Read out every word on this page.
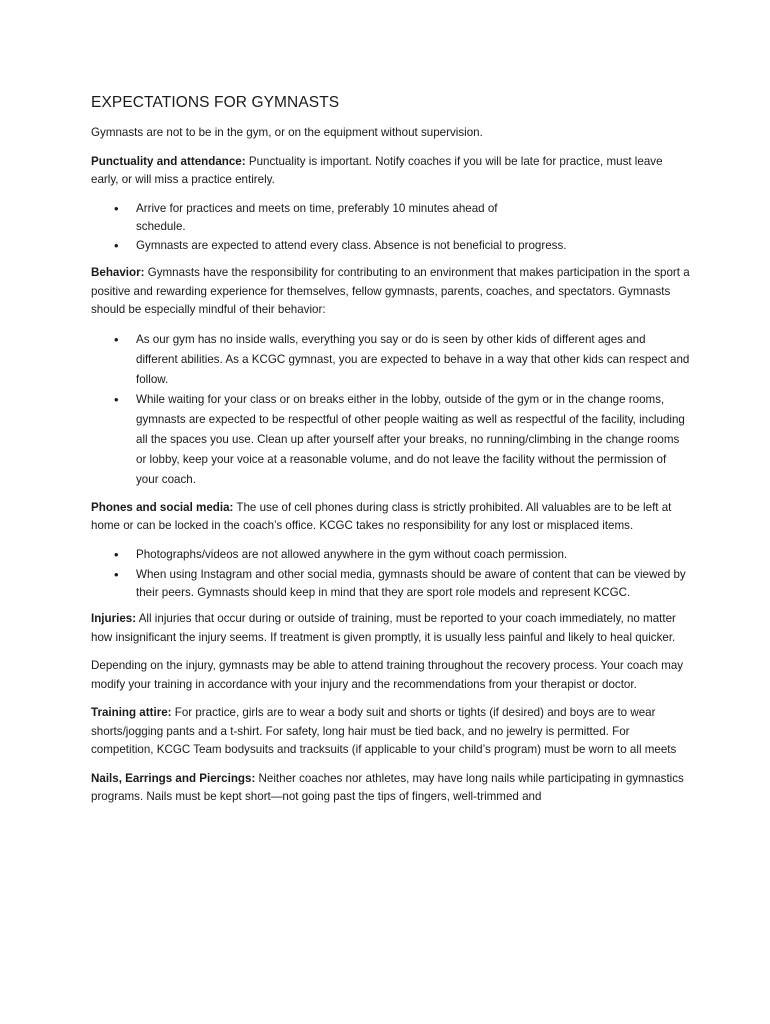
EXPECTATIONS FOR GYMNASTS

Gymnasts are not to be in the gym, or on the equipment without supervision.

Punctuality and attendance: Punctuality is important. Notify coaches if you will be late for practice, must leave early, or will miss a practice entirely.

• Arrive for practices and meets on time, preferably 10 minutes ahead of schedule.
• Gymnasts are expected to attend every class. Absence is not beneficial to progress.

Behavior: Gymnasts have the responsibility for contributing to an environment that makes participation in the sport a positive and rewarding experience for themselves, fellow gymnasts, parents, coaches, and spectators. Gymnasts should be especially mindful of their behavior:

• As our gym has no inside walls, everything you say or do is seen by other kids of different ages and different abilities. As a KCGC gymnast, you are expected to behave in a way that other kids can respect and follow.
• While waiting for your class or on breaks either in the lobby, outside of the gym or in the change rooms, gymnasts are expected to be respectful of other people waiting as well as respectful of the facility, including all the spaces you use. Clean up after yourself after your breaks, no running/climbing in the change rooms or lobby, keep your voice at a reasonable volume, and do not leave the facility without the permission of your coach.

Phones and social media: The use of cell phones during class is strictly prohibited. All valuables are to be left at home or can be locked in the coach’s office. KCGC takes no responsibility for any lost or misplaced items.

• Photographs/videos are not allowed anywhere in the gym without coach permission.
• When using Instagram and other social media, gymnasts should be aware of content that can be viewed by their peers. Gymnasts should keep in mind that they are sport role models and represent KCGC.

Injuries: All injuries that occur during or outside of training, must be reported to your coach immediately, no matter how insignificant the injury seems. If treatment is given promptly, it is usually less painful and likely to heal quicker.

Depending on the injury, gymnasts may be able to attend training throughout the recovery process. Your coach may modify your training in accordance with your injury and the recommendations from your therapist or doctor.

Training attire: For practice, girls are to wear a body suit and shorts or tights (if desired) and boys are to wear shorts/jogging pants and a t-shirt. For safety, long hair must be tied back, and no jewelry is permitted. For competition, KCGC Team bodysuits and tracksuits (if applicable to your child’s program) must be worn to all meets

Nails, Earrings and Piercings: Neither coaches nor athletes, may have long nails while participating in gymnastics programs. Nails must be kept short—not going past the tips of fingers, well-trimmed and
